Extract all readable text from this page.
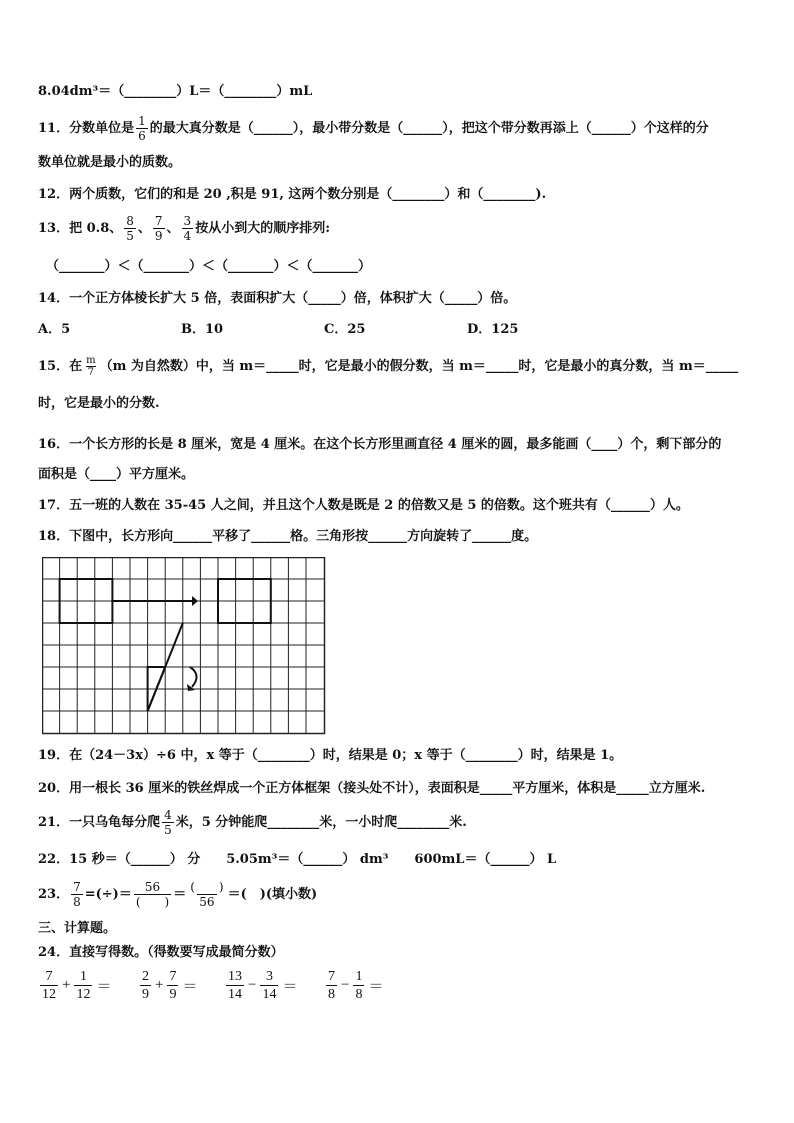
8.04dm³＝（________）L＝（________）mL
11．分数单位是 $\frac{1}{6}$ 的最大真分数是（______），最小带分数是（______），把这个带分数再添上（______）个这样的分
数单位就是最小的质数。
12．两个质数，它们的和是 20 ,积是 91, 这两个数分别是（________）和（________).
13．把 0.8、 $\frac{8}{5}$ 、 $\frac{7}{9}$ 、 $\frac{3}{4}$ 按从小到大的顺序排列:
（_______）＜（_______）＜（_______）＜（_______）
14．一个正方体棱长扩大 5 倍，表面积扩大（_____）倍，体积扩大（_____）倍。
A．5	B．10	C．25	D．125
15．在 $\frac{m}{7} (m$ 为自然数）中，当 m＝_____时，它是最小的假分数，当 m＝_____时，它是最小的真分数，当 m＝_____
时，它是最小的分数.
16．一个长方形的长是 8 厘米，宽是 4 厘米。在这个长方形里画直径 4 厘米的圆，最多能画（____）个，剩下部分的
面积是（____）平方厘米。
17．五一班的人数在 35-45 人之间，并且这个人数是既是 2 的倍数又是 5 的倍数。这个班共有（______）人。
18．下图中，长方形向______平移了______格。三角形按______方向旋转了______度。
19．在（24－3x）÷6 中，x 等于（________）时，结果是 0；x 等于（________）时，结果是 1。
20．用一根长 36 厘米的铁丝焊成一个正方体框架（接头处不计），表面积是_____平方厘米，体积是_____立方厘米.
21．一只乌龟每分爬 $\frac{4}{5}$ 米，5 分钟能爬________米，一小时爬________米.
22．15 秒＝（______） 分　　5.05m³＝（______） dm³　　600mL＝（______） L
23． $\frac{7}{8}$ =(÷)＝ $\frac{56}{( )} = \frac{( )}{56}$ ＝(　)(填小数)
三、计算题。
24．直接写得数。（得数要写成最简分数）
$\frac{7}{12} + \frac{1}{12} = \frac{2}{9} + \frac{7}{9} = \frac{13}{14} - \frac{3}{14} = \frac{7}{8} - \frac{1}{8}$ ＝
